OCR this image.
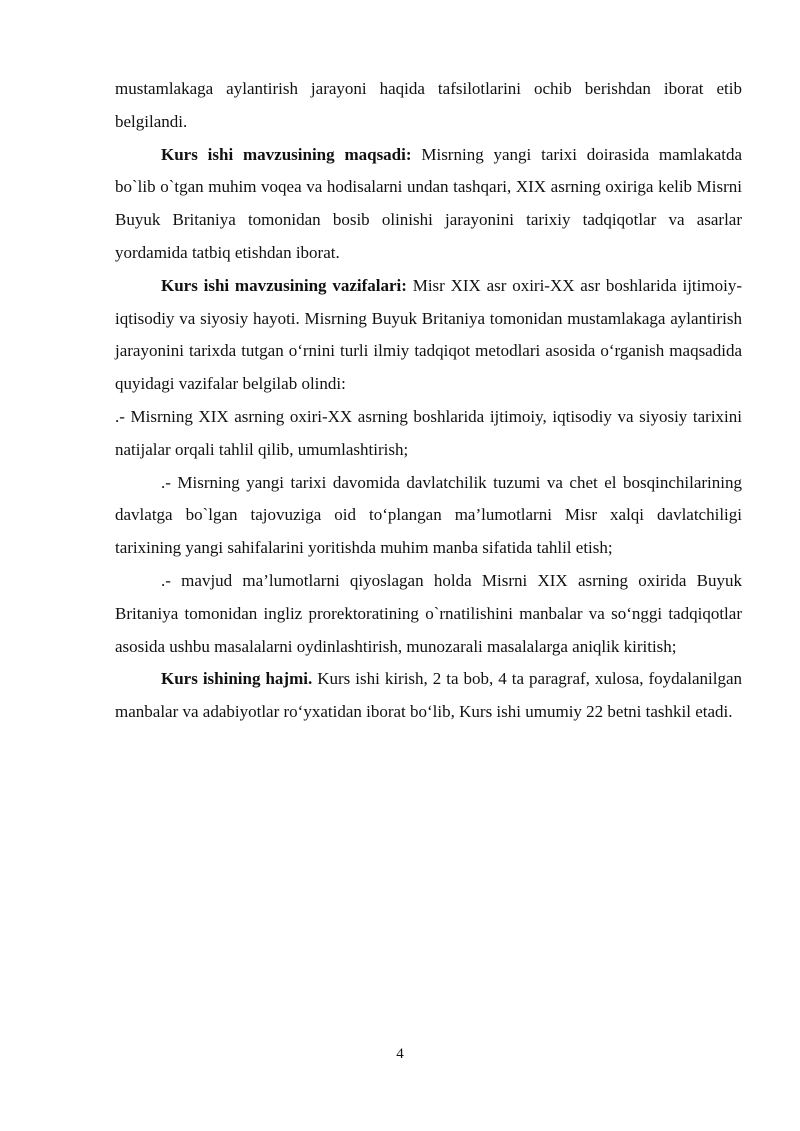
mustamlakaga aylantirish jarayoni haqida tafsilotlarini ochib berishdan iborat etib belgilandi.

Kurs ishi mavzusining maqsadi: Misrning yangi tarixi doirasida mamlakatda bo`lib o`tgan muhim voqea va hodisalarni undan tashqari, XIX asrning oxiriga kelib Misrni Buyuk Britaniya tomonidan bosib olinishi jarayonini tarixiy tadqiqotlar va asarlar yordamida tatbiq etishdan iborat.

Kurs ishi mavzusining vazifalari: Misr XIX asr oxiri-XX asr boshlarida ijtimoiy-iqtisodiy va siyosiy hayoti. Misrning Buyuk Britaniya tomonidan mustamlakaga aylantirish jarayonini tarixda tutgan o‘rnini turli ilmiy tadqiqot metodlari asosida o‘rganish maqsadida quyidagi vazifalar belgilab olindi:

.- Misrning XIX asrning oxiri-XX asrning boshlarida ijtimoiy, iqtisodiy va siyosiy tarixini natijalar orqali tahlil qilib, umumlashtirish;

.- Misrning yangi tarixi davomida davlatchilik tuzumi va chet el bosqinchilarining davlatga bo`lgan tajovuziga oid to‘plangan ma’lumotlarni Misr xalqi davlatchiligi tarixining yangi sahifalarini yoritishda muhim manba sifatida tahlil etish;

.- mavjud ma’lumotlarni qiyoslagan holda Misrni XIX asrning oxirida Buyuk Britaniya tomonidan ingliz prorektoratining o`rnatilishini manbalar va so‘nggi tadqiqotlar asosida ushbu masalalarni oydinlashtirish, munozarali masalalarga aniqlik kiritish;

Kurs ishining hajmi. Kurs ishi kirish, 2 ta bob, 4 ta paragraf, xulosa, foydalanilgan manbalar va adabiyotlar ro‘yxatidan iborat bo‘lib, Kurs ishi umumiy 22 betni tashkil etadi.

4
